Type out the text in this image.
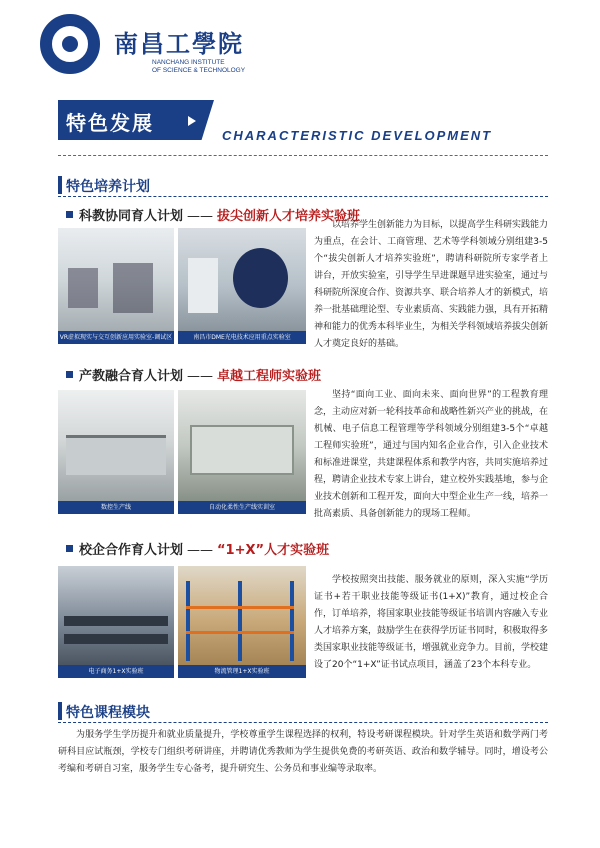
南昌工學院
NANCHANG INSTITUTE
OF SCIENCE & TECHNOLOGY
特色发展
CHARACTERISTIC DEVELOPMENT
特色培养计划
科教协同育人计划 —— 拔尖创新人才培养实验班
VR虚拟现实与交互创新应用实验室-调试区	南昌市DME光电技术应用重点实验室
以培养学生创新能力为目标，以提高学生科研实践能力为重点，在会计、工商管理、艺术等学科领域分别组建3-5个“拔尖创新人才培养实验班”，聘请科研院所专家学者上讲台，开放实验室，引导学生早进课题早进实验室，通过与科研院所深度合作、资源共享、联合培养人才的新模式，培养一批基础理论型、专业素质高、实践能力强，具有开拓精神和能力的优秀本科毕业生，为相关学科领域培养拔尖创新人才奠定良好的基础。
产教融合育人计划 —— 卓越工程师实验班
数控生产线	自动化柔性生产线实训室
坚持“面向工业、面向未来、面向世界”的工程教育理念，主动应对新一轮科技革命和战略性新兴产业的挑战，在机械、电子信息工程管理等学科领域分别组建3-5个“卓越工程师实验班”，通过与国内知名企业合作，引入企业技术和标准进课堂，共建课程体系和教学内容，共同实施培养过程，聘请企业技术专家上讲台，建立校外实践基地，参与企业技术创新和工程开发，面向大中型企业生产一线，培养一批高素质、具备创新能力的现场工程师。
校企合作育人计划 —— “1+X”人才实验班
电子商务1+X实验班	物流管理1+X实验班
学校按照突出技能、服务就业的原则，深入实施“学历证书+若干职业技能等级证书(1+X)”教育，通过校企合作，订单培养，将国家职业技能等级证书培训内容融入专业人才培养方案，鼓励学生在获得学历证书同时，积极取得多类国家职业技能等级证书，增强就业竞争力。目前，学校建设了20个“1+X”证书试点项目，涵盖了23个本科专业。
特色课程模块
为服务学生学历提升和就业质量提升，学校尊重学生课程选择的权利，特设考研课程模块。针对学生英语和数学两门考研科目应试瓶颈，学校专门组织考研讲座，并聘请优秀教师为学生提供免费的考研英语、政治和数学辅导。同时，增设考公考编和考研自习室，服务学生专心备考，提升研究生、公务员和事业编等录取率。
